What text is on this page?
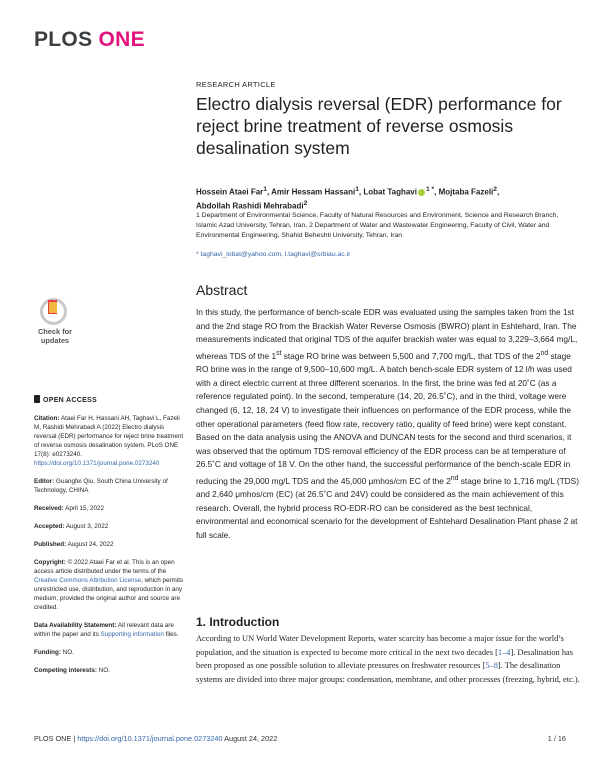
PLOS ONE
RESEARCH ARTICLE
Electro dialysis reversal (EDR) performance for reject brine treatment of reverse osmosis desalination system
Hossein Ataei Far$^1$, Amir Hessam Hassani$^1$, Lobat Taghavi $^{1 *}$, Mojtaba Fazeli$^2$,
Abdollah Rashidi Mehrabadi$^2$
1 Department of Environmental Science, Faculty of Natural Resources and Environment, Science and Research Branch, Islamic Azad University, Tehran, Iran, 2 Department of Water and Wastewater Engineering, Faculty of Civil, Water and Environmental Engineering, Shahid Beheshti University, Tehran, Iran
* taghavi_lobat@yahoo.com, l.taghavi@srbiau.ac.ir
Check for
updates
Abstract

In this study, the performance of bench-scale EDR was evaluated using the samples taken from the 1st and the 2nd stage RO from the Brackish Water Reverse Osmosis (BWRO) plant in Eshtehard, Iran. The measurements indicated that original TDS of the aquifer brackish water was equal to 3,229–3,664 mg/L, whereas TDS of the 1st stage RO brine was between 5,500 and 7,700 mg/L, that TDS of the 2nd stage RO brine was in the range of 9,500–10,600 mg/L. A batch bench-scale EDR system of 12 l/h was used with a direct electric current at three different scenarios. In the first, the brine was fed at 20˚C (as a reference regulated point). In the second, temperature (14, 20, 26.5˚C), and in the third, voltage were changed (6, 12, 18, 24 V) to investigate their influences on performance of the EDR process, while the other operational parameters (feed flow rate, recovery ratio, quality of feed brine) were kept constant. Based on the data analysis using the ANOVA and DUNCAN tests for the second and third scenarios, it was observed that the optimum TDS removal efficiency of the EDR process can be at temperature of 26.5˚C and voltage of 18 V. On the other hand, the successful performance of the bench-scale EDR in reducing the 29,000 mg/L TDS and the 45,000 μmhos/cm EC of the 2nd stage brine to 1,716 mg/L (TDS) and 2,640 μmhos/cm (EC) (at 26.5˚C and 24V) could be considered as the main achievement of this research. Overall, the hybrid process RO-EDR-RO can be considered as the best technical, environmental and economical scenario for the development of Eshtehard Desalination Plant phase 2 at full scale.

OPEN ACCESS
Citation: Ataei Far H, Hassani AH, Taghavi L, Fazeli M, Rashidi Mehrabadi A (2022) Electro dialysis reversal (EDR) performance for reject brine treatment of reverse osmosis desalination system. PLoS ONE 17(8): e0273240. https://doi.org/10.1371/journal.pone.0273240
Editor: Guangfei Qiu, South China University of Technology, CHINA
Received: April 15, 2022
Accepted: August 3, 2022
Published: August 24, 2022
Copyright: © 2022 Ataei Far et al. This is an open access article distributed under the terms of the Creative Commons Attribution License, which permits unrestricted use, distribution, and reproduction in any medium, provided the original author and source are credited.
Data Availability Statement: All relevant data are within the paper and its Supporting information files.
Funding: NO.
Competing interests: NO.
1. Introduction

According to UN World Water Development Reports, water scarcity has become a major issue for the world’s population, and the situation is expected to become more critical in the next two decades [1–4]. Desalination has been proposed as one possible solution to alleviate pressures on freshwater resources [5–8]. The desalination systems are divided into three major groups: condensation, membrane, and other processes (freezing, hybrid, etc.).

PLOS ONE | https://doi.org/10.1371/journal.pone.0273240 August 24, 2022	1 / 16
